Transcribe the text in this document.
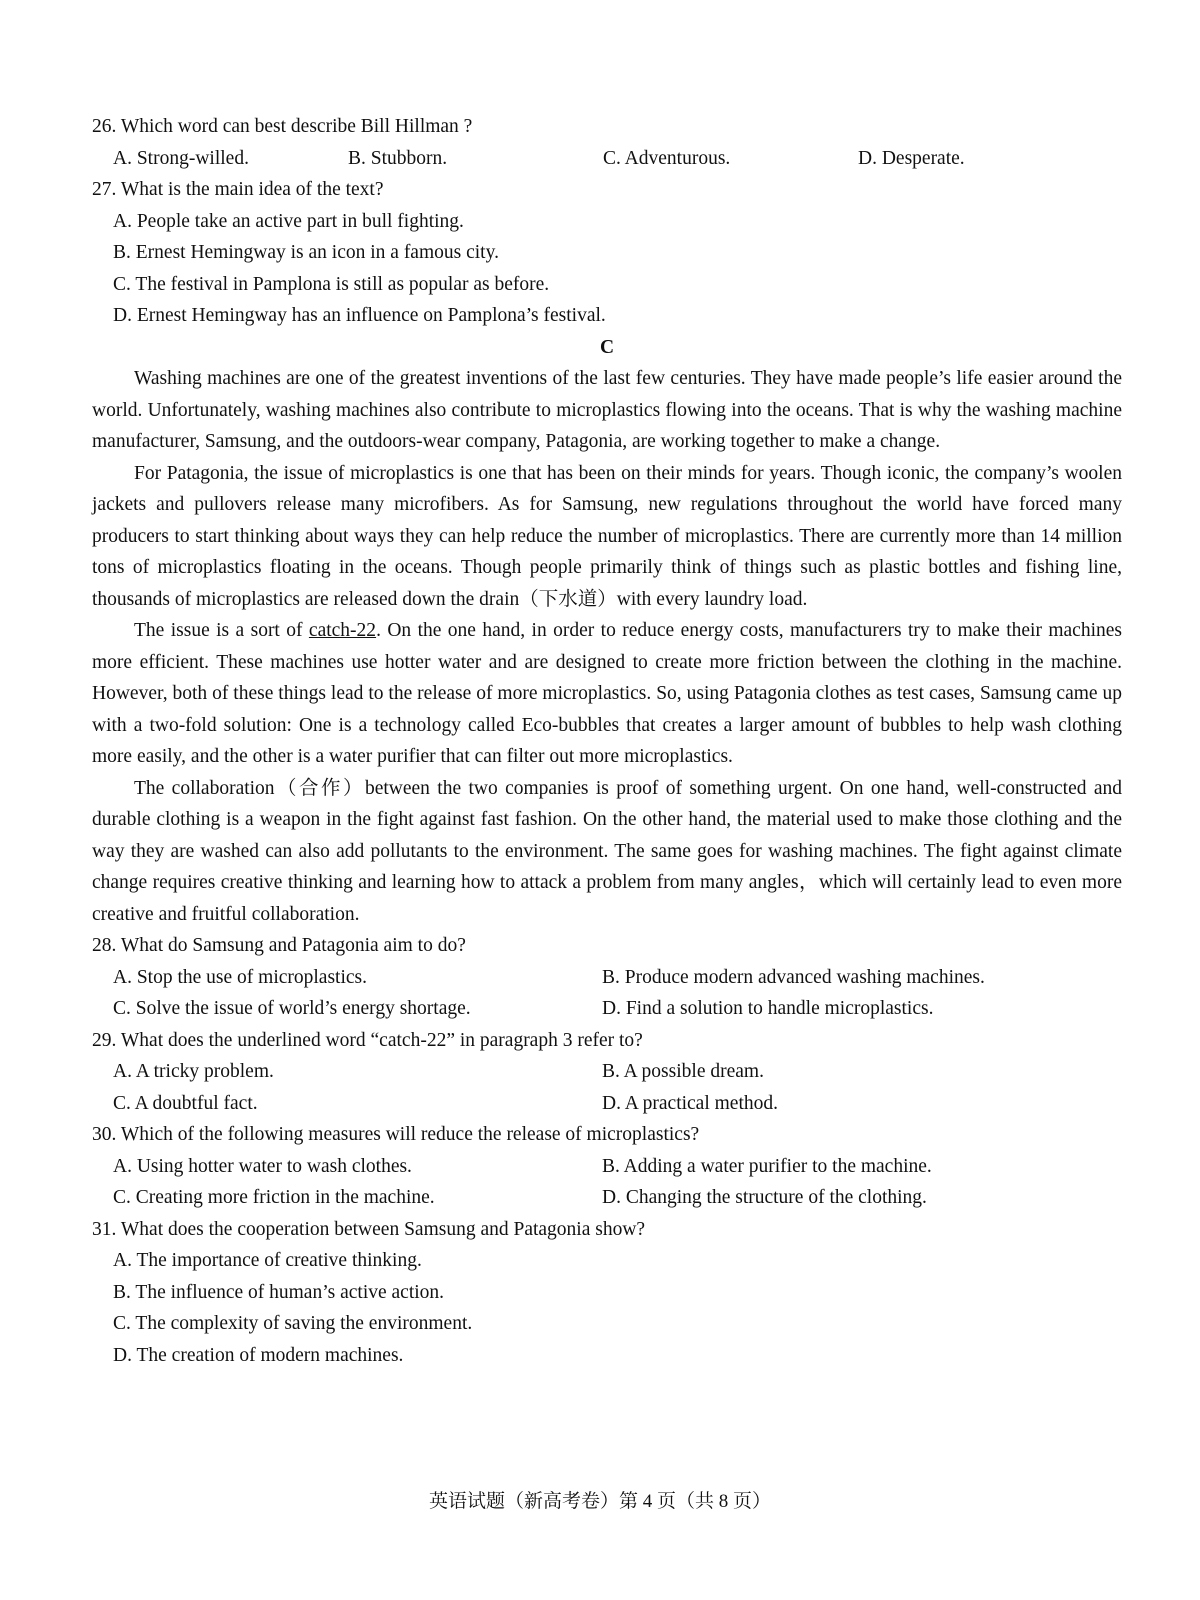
26. Which word can best describe Bill Hillman ?
A. Strong-willed.	B. Stubborn.	C. Adventurous.	D. Desperate.
27. What is the main idea of the text?
A. People take an active part in bull fighting.
B. Ernest Hemingway is an icon in a famous city.
C. The festival in Pamplona is still as popular as before.
D. Ernest Hemingway has an influence on Pamplona’s festival.
C

Washing machines are one of the greatest inventions of the last few centuries. They have made people’s life easier around the world. Unfortunately, washing machines also contribute to microplastics flowing into the oceans. That is why the washing machine manufacturer, Samsung, and the outdoors-wear company, Patagonia, are working together to make a change.

For Patagonia, the issue of microplastics is one that has been on their minds for years. Though iconic, the company’s woolen jackets and pullovers release many microfibers. As for Samsung, new regulations throughout the world have forced many producers to start thinking about ways they can help reduce the number of microplastics. There are currently more than 14 million tons of microplastics floating in the oceans. Though people primarily think of things such as plastic bottles and fishing line, thousands of microplastics are released down the drain（下水道）with every laundry load.

The issue is a sort of catch-22. On the one hand, in order to reduce energy costs, manufacturers try to make their machines more efficient. These machines use hotter water and are designed to create more friction between the clothing in the machine. However, both of these things lead to the release of more microplastics. So, using Patagonia clothes as test cases, Samsung came up with a two-fold solution: One is a technology called Eco-bubbles that creates a larger amount of bubbles to help wash clothing more easily, and the other is a water purifier that can filter out more microplastics.

The collaboration（合作）between the two companies is proof of something urgent. On one hand, well-constructed and durable clothing is a weapon in the fight against fast fashion. On the other hand, the material used to make those clothing and the way they are washed can also add pollutants to the environment. The same goes for washing machines. The fight against climate change requires creative thinking and learning how to attack a problem from many angles，which will certainly lead to even more creative and fruitful collaboration.

28. What do Samsung and Patagonia aim to do?
A. Stop the use of microplastics.	B. Produce modern advanced washing machines.
C. Solve the issue of world’s energy shortage.	D. Find a solution to handle microplastics.
29. What does the underlined word “catch-22” in paragraph 3 refer to?
A. A tricky problem.	B. A possible dream.
C. A doubtful fact.	D. A practical method.
30. Which of the following measures will reduce the release of microplastics?
A. Using hotter water to wash clothes.	B. Adding a water purifier to the machine.
C. Creating more friction in the machine.	D. Changing the structure of the clothing.
31. What does the cooperation between Samsung and Patagonia show?
A. The importance of creative thinking.
B. The influence of human’s active action.
C. The complexity of saving the environment.
D. The creation of modern machines.
英语试题（新高考卷）第 4 页（共 8 页）
